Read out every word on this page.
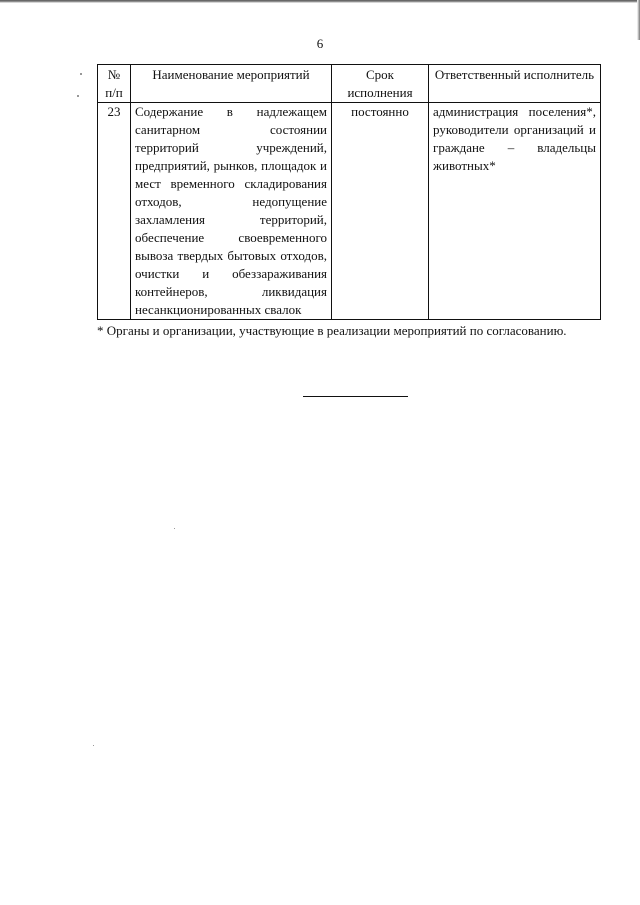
6
№ п/п	Наименование мероприятий	Срок исполнения	Ответственный исполнитель
23	Содержание в надлежащем санитарном состоянии территорий учреждений, предприятий, рынков, площадок и мест временного складирования отходов, недопущение захламления территорий, обеспечение своевременного вывоза твердых бытовых отходов, очистки и обеззараживания контейнеров, ликвидация несанкционированных свалок	постоянно	администрация поселения*, руководители организаций и граждане – владельцы животных*
* Органы и организации, участвующие в реализации мероприятий по согласованию.
